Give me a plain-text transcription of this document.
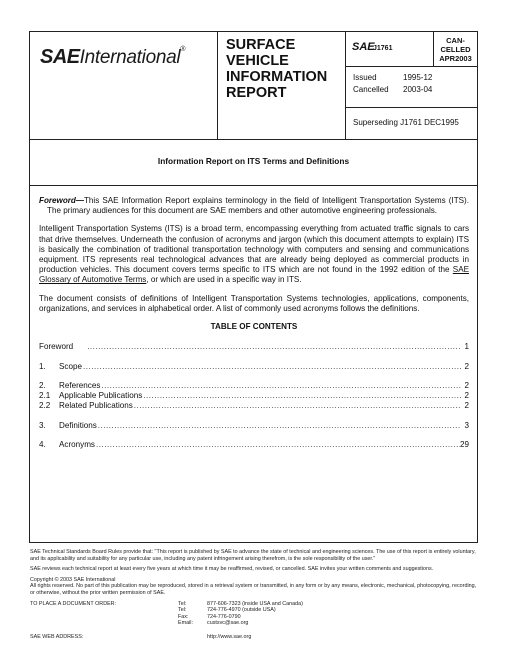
SAEInternational®	SURFACE
VEHICLE
INFORMATION
REPORT
SAE
J1761
CAN-
CELLED
APR2003
Issued	1995-12
Cancelled 2003-04
Superseding J1761 DEC1995
Information Report on ITS Terms and Definitions

Foreword—This SAE Information Report explains terminology in the field of Intelligent Transportation Systems (ITS). The primary audiences for this document are SAE members and other automotive engineering professionals.

Intelligent Transportation Systems (ITS) is a broad term, encompassing everything from actuated traffic signals to cars that drive themselves. Underneath the confusion of acronyms and jargon (which this document attempts to explain) ITS is basically the combination of traditional transportation technology with computers and sensing and communications equipment. ITS represents real technological advances that are already being deployed as commercial products in production vehicles. This document covers terms specific to ITS which are not found in the 1992 edition of the SAE Glossary of Automotive Terms, or which are used in a specific way in ITS.

The document consists of definitions of Intelligent Transportation Systems technologies, applications, components, organizations, and services in alphabetical order. A list of commonly used acronyms follows the definitions.

TABLE OF CONTENTS
Foreword .....	1
1.	Scope .....	2
2.	References .....	2
2.1	Applicable Publications .....	2
2.2	Related Publications .....	2
3.	Definitions .....	3
4.	Acronyms .....	29

SAE Technical Standards Board Rules provide that: "This report is published by SAE to advance the state of technical and engineering sciences. The use of this report is entirely voluntary, and its applicability and suitability for any particular use, including any patent infringement arising therefrom, is the sole responsibility of the user."

SAE reviews each technical report at least every five years at which time it may be reaffirmed, revised, or cancelled. SAE invites your written comments and suggestions.

Copyright © 2003 SAE International

All rights reserved. No part of this publication may be reproduced, stored in a retrieval system or transmitted, in any form or by any means, electronic, mechanical, photocopying, recording, or otherwise, without the prior written permission of SAE.

TO PLACE A DOCUMENT ORDER:
SAE WEB ADDRESS:
Tel:	877-606-7323 (inside USA and Canada)
Tel:	724-776-4970 (outside USA)
Fax:	724-776-0790
Email:	custsvc@sae.org
http://www.sae.org
